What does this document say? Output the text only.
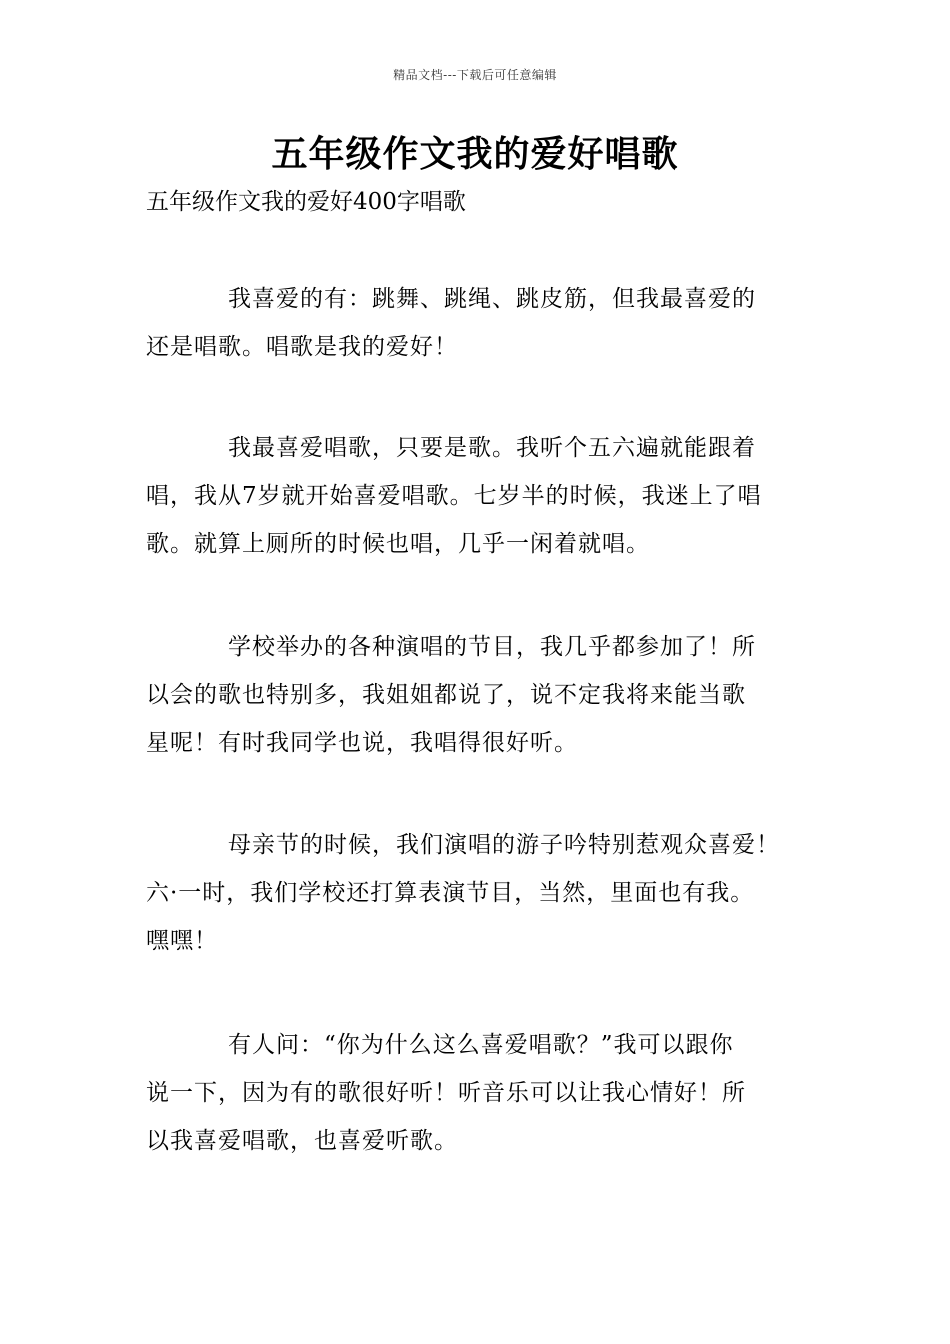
精品文档---下载后可任意编辑
五年级作文我的爱好唱歌

五年级作文我的爱好400字唱歌

我喜爱的有：跳舞、跳绳、跳皮筋，但我最喜爱的
还是唱歌。唱歌是我的爱好！

我最喜爱唱歌，只要是歌。我听个五六遍就能跟着
唱，我从7岁就开始喜爱唱歌。七岁半的时候，我迷上了唱
歌。就算上厕所的时候也唱，几乎一闲着就唱。

学校举办的各种演唱的节目，我几乎都参加了！所
以会的歌也特别多，我姐姐都说了，说不定我将来能当歌
星呢！有时我同学也说，我唱得很好听。

母亲节的时候，我们演唱的游子吟特别惹观众喜爱！
六·一时，我们学校还打算表演节目，当然，里面也有我。
嘿嘿！

有人问：“你为什么这么喜爱唱歌？”我可以跟你
说一下，因为有的歌很好听！听音乐可以让我心情好！所
以我喜爱唱歌，也喜爱听歌。
